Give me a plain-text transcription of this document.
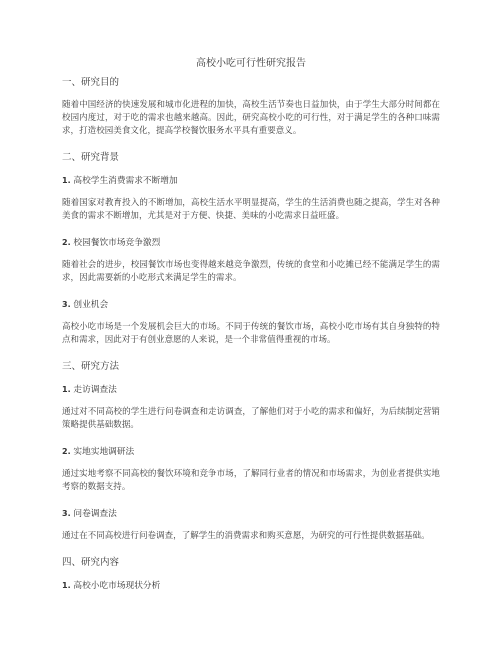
高校小吃可行性研究报告
一、研究目的

随着中国经济的快速发展和城市化进程的加快，高校生活节奏也日益加快，由于学生大部分时间都在校园内度过，对于吃的需求也越来越高。因此，研究高校小吃的可行性，对于满足学生的各种口味需求，打造校园美食文化，提高学校餐饮服务水平具有重要意义。

二、研究背景
1. 高校学生消费需求不断增加

随着国家对教育投入的不断增加，高校生活水平明显提高，学生的生活消费也随之提高，学生对各种美食的需求不断增加，尤其是对于方便、快捷、美味的小吃需求日益旺盛。

2. 校园餐饮市场竞争激烈

随着社会的进步，校园餐饮市场也变得越来越竞争激烈，传统的食堂和小吃摊已经不能满足学生的需求，因此需要新的小吃形式来满足学生的需求。

3. 创业机会

高校小吃市场是一个发展机会巨大的市场。不同于传统的餐饮市场，高校小吃市场有其自身独特的特点和需求，因此对于有创业意愿的人来说，是一个非常值得重视的市场。

三、研究方法
1. 走访调查法

通过对不同高校的学生进行问卷调查和走访调查，了解他们对于小吃的需求和偏好，为后续制定营销策略提供基础数据。

2. 实地实地调研法

通过实地考察不同高校的餐饮环境和竞争市场，了解同行业者的情况和市场需求，为创业者提供实地考察的数据支持。

3. 问卷调查法

通过在不同高校进行问卷调查，了解学生的消费需求和购买意愿，为研究的可行性提供数据基础。

四、研究内容
1. 高校小吃市场现状分析
